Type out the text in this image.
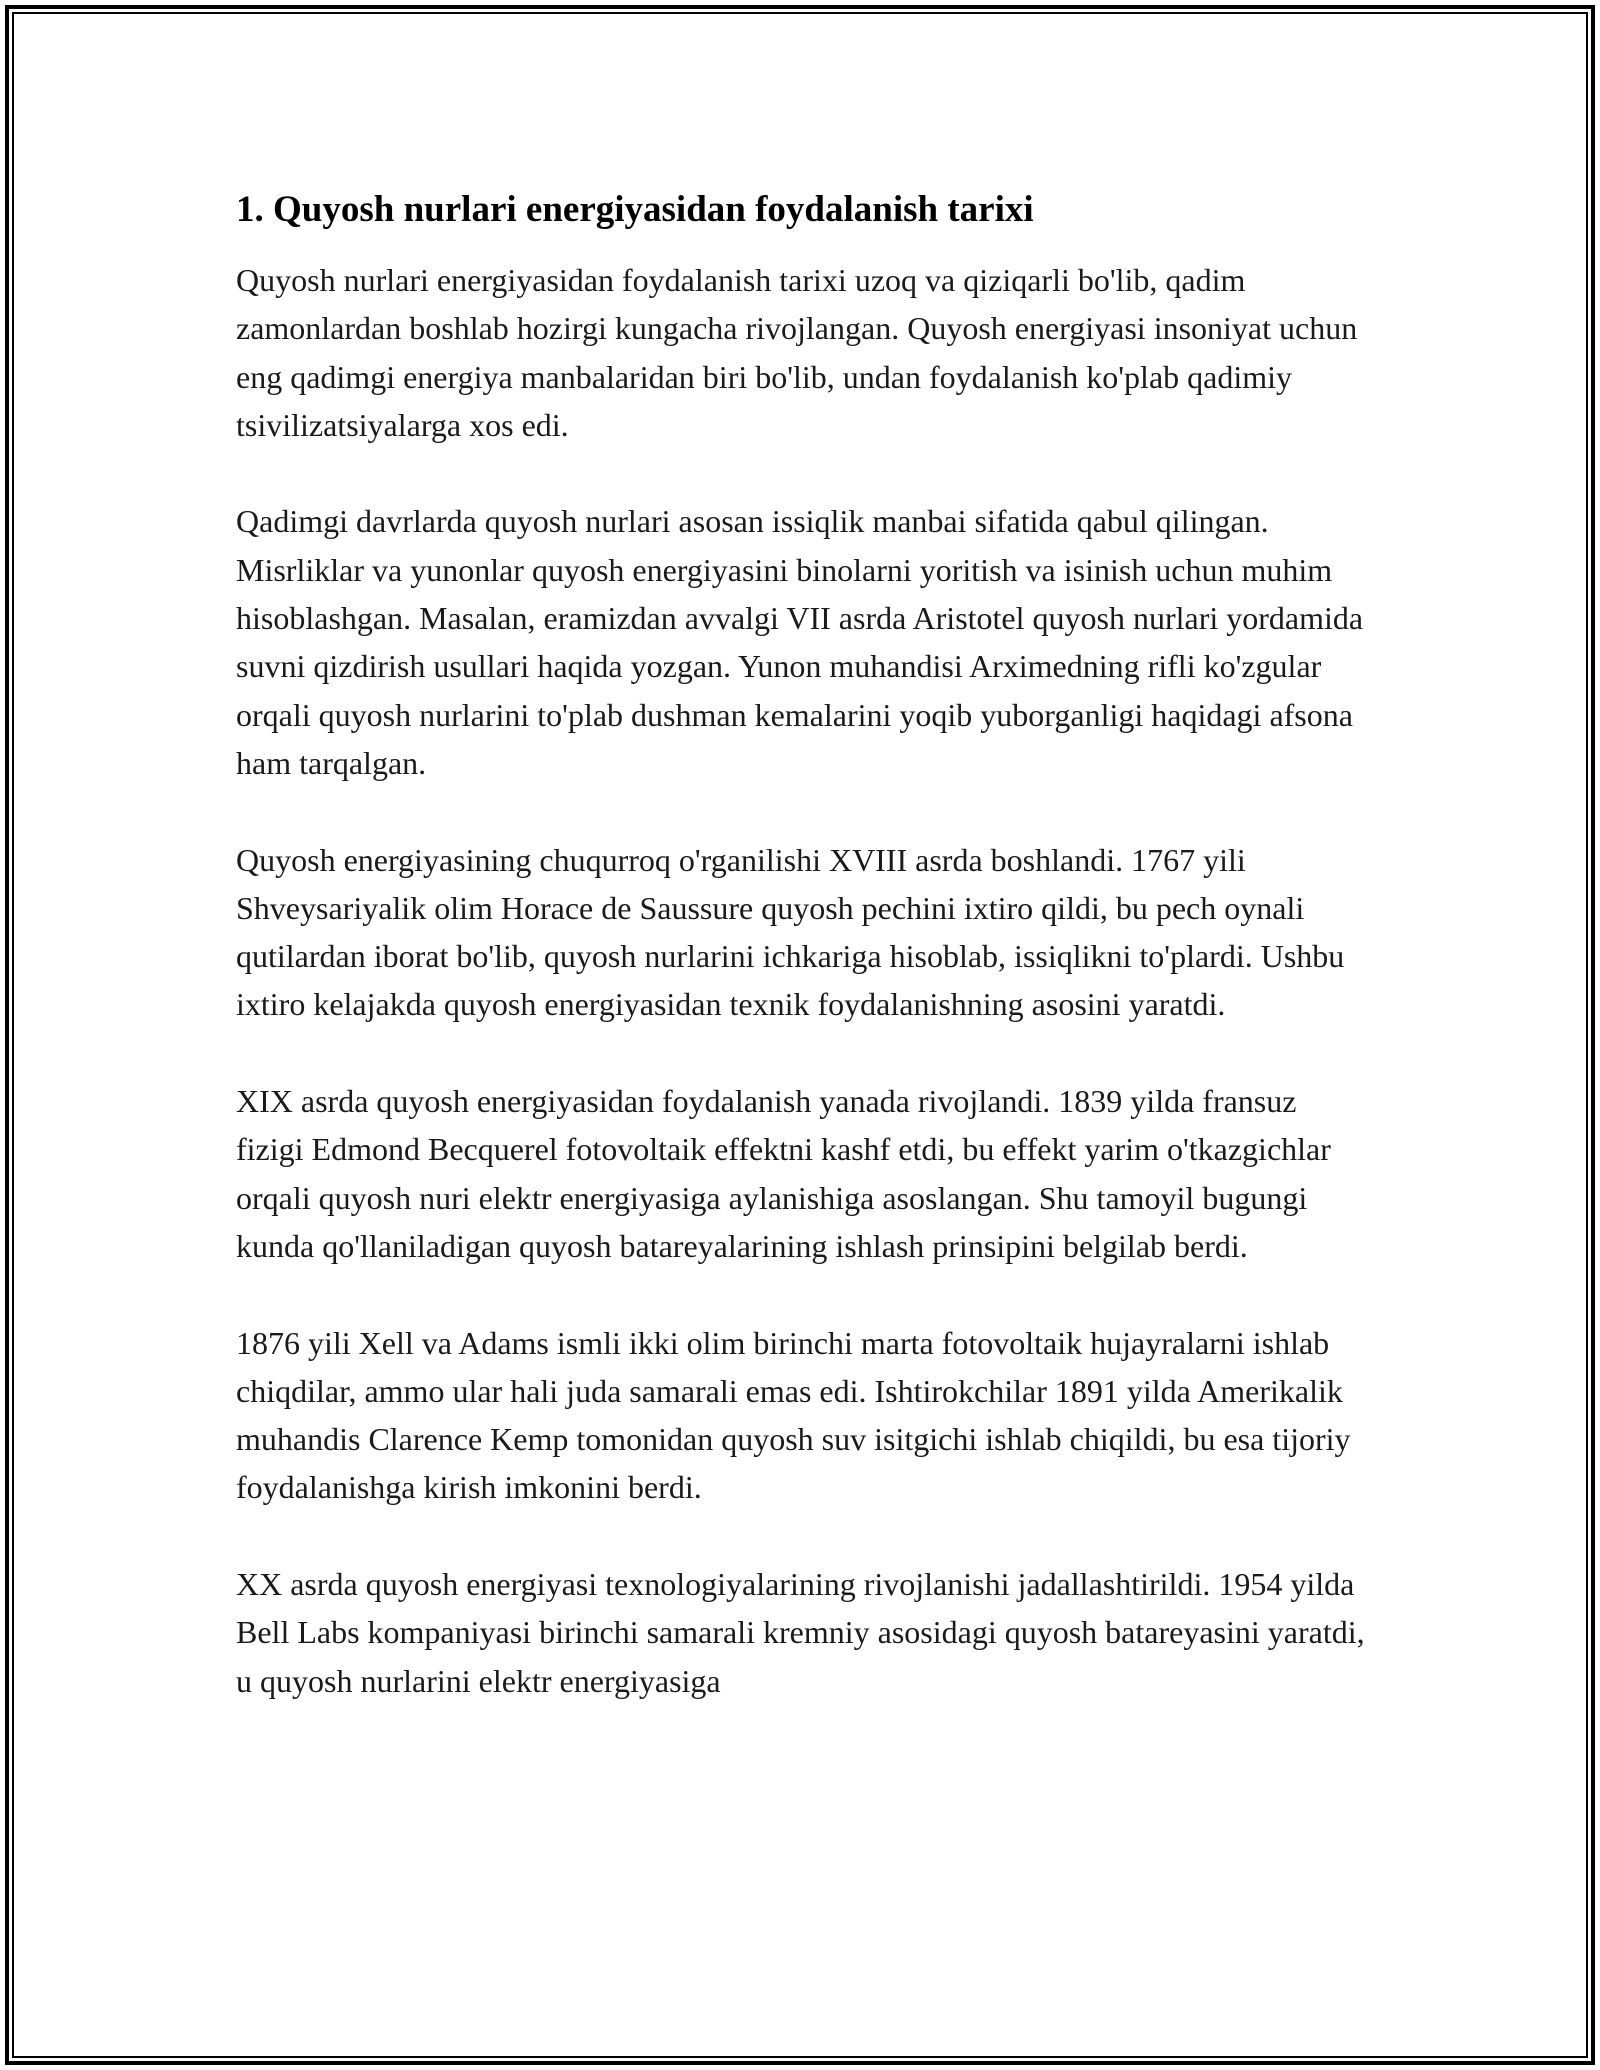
1. Quyosh nurlari energiyasidan foydalanish tarixi

Quyosh nurlari energiyasidan foydalanish tarixi uzoq va qiziqarli bo'lib, qadim zamonlardan boshlab hozirgi kungacha rivojlangan. Quyosh energiyasi insoniyat uchun eng qadimgi energiya manbalaridan biri bo'lib, undan foydalanish ko'plab qadimiy tsivilizatsiyalarga xos edi.

Qadimgi davrlarda quyosh nurlari asosan issiqlik manbai sifatida qabul qilingan. Misrliklar va yunonlar quyosh energiyasini binolarni yoritish va isinish uchun muhim hisoblashgan. Masalan, eramizdan avvalgi VII asrda Aristotel quyosh nurlari yordamida suvni qizdirish usullari haqida yozgan. Yunon muhandisi Arximedning rifli ko'zgular orqali quyosh nurlarini to'plab dushman kemalarini yoqib yuborganligi haqidagi afsona ham tarqalgan.

Quyosh energiyasining chuqurroq o'rganilishi XVIII asrda boshlandi. 1767 yili Shveysariyalik olim Horace de Saussure quyosh pechini ixtiro qildi, bu pech oynali qutilardan iborat bo'lib, quyosh nurlarini ichkariga hisoblab, issiqlikni to'plardi. Ushbu ixtiro kelajakda quyosh energiyasidan texnik foydalanishning asosini yaratdi.

XIX asrda quyosh energiyasidan foydalanish yanada rivojlandi. 1839 yilda fransuz fizigi Edmond Becquerel fotovoltaik effektni kashf etdi, bu effekt yarim o'tkazgichlar orqali quyosh nuri elektr energiyasiga aylanishiga asoslangan. Shu tamoyil bugungi kunda qo'llaniladigan quyosh batareyalarining ishlash prinsipini belgilab berdi.

1876 yili Xell va Adams ismli ikki olim birinchi marta fotovoltaik hujayralarni ishlab chiqdilar, ammo ular hali juda samarali emas edi. Ishtirokchilar 1891 yilda Amerikalik muhandis Clarence Kemp tomonidan quyosh suv isitgichi ishlab chiqildi, bu esa tijoriy foydalanishga kirish imkonini berdi.

XX asrda quyosh energiyasi texnologiyalarining rivojlanishi jadallashtirildi. 1954 yilda Bell Labs kompaniyasi birinchi samarali kremniy asosidagi quyosh batareyasini yaratdi, u quyosh nurlarini elektr energiyasiga
